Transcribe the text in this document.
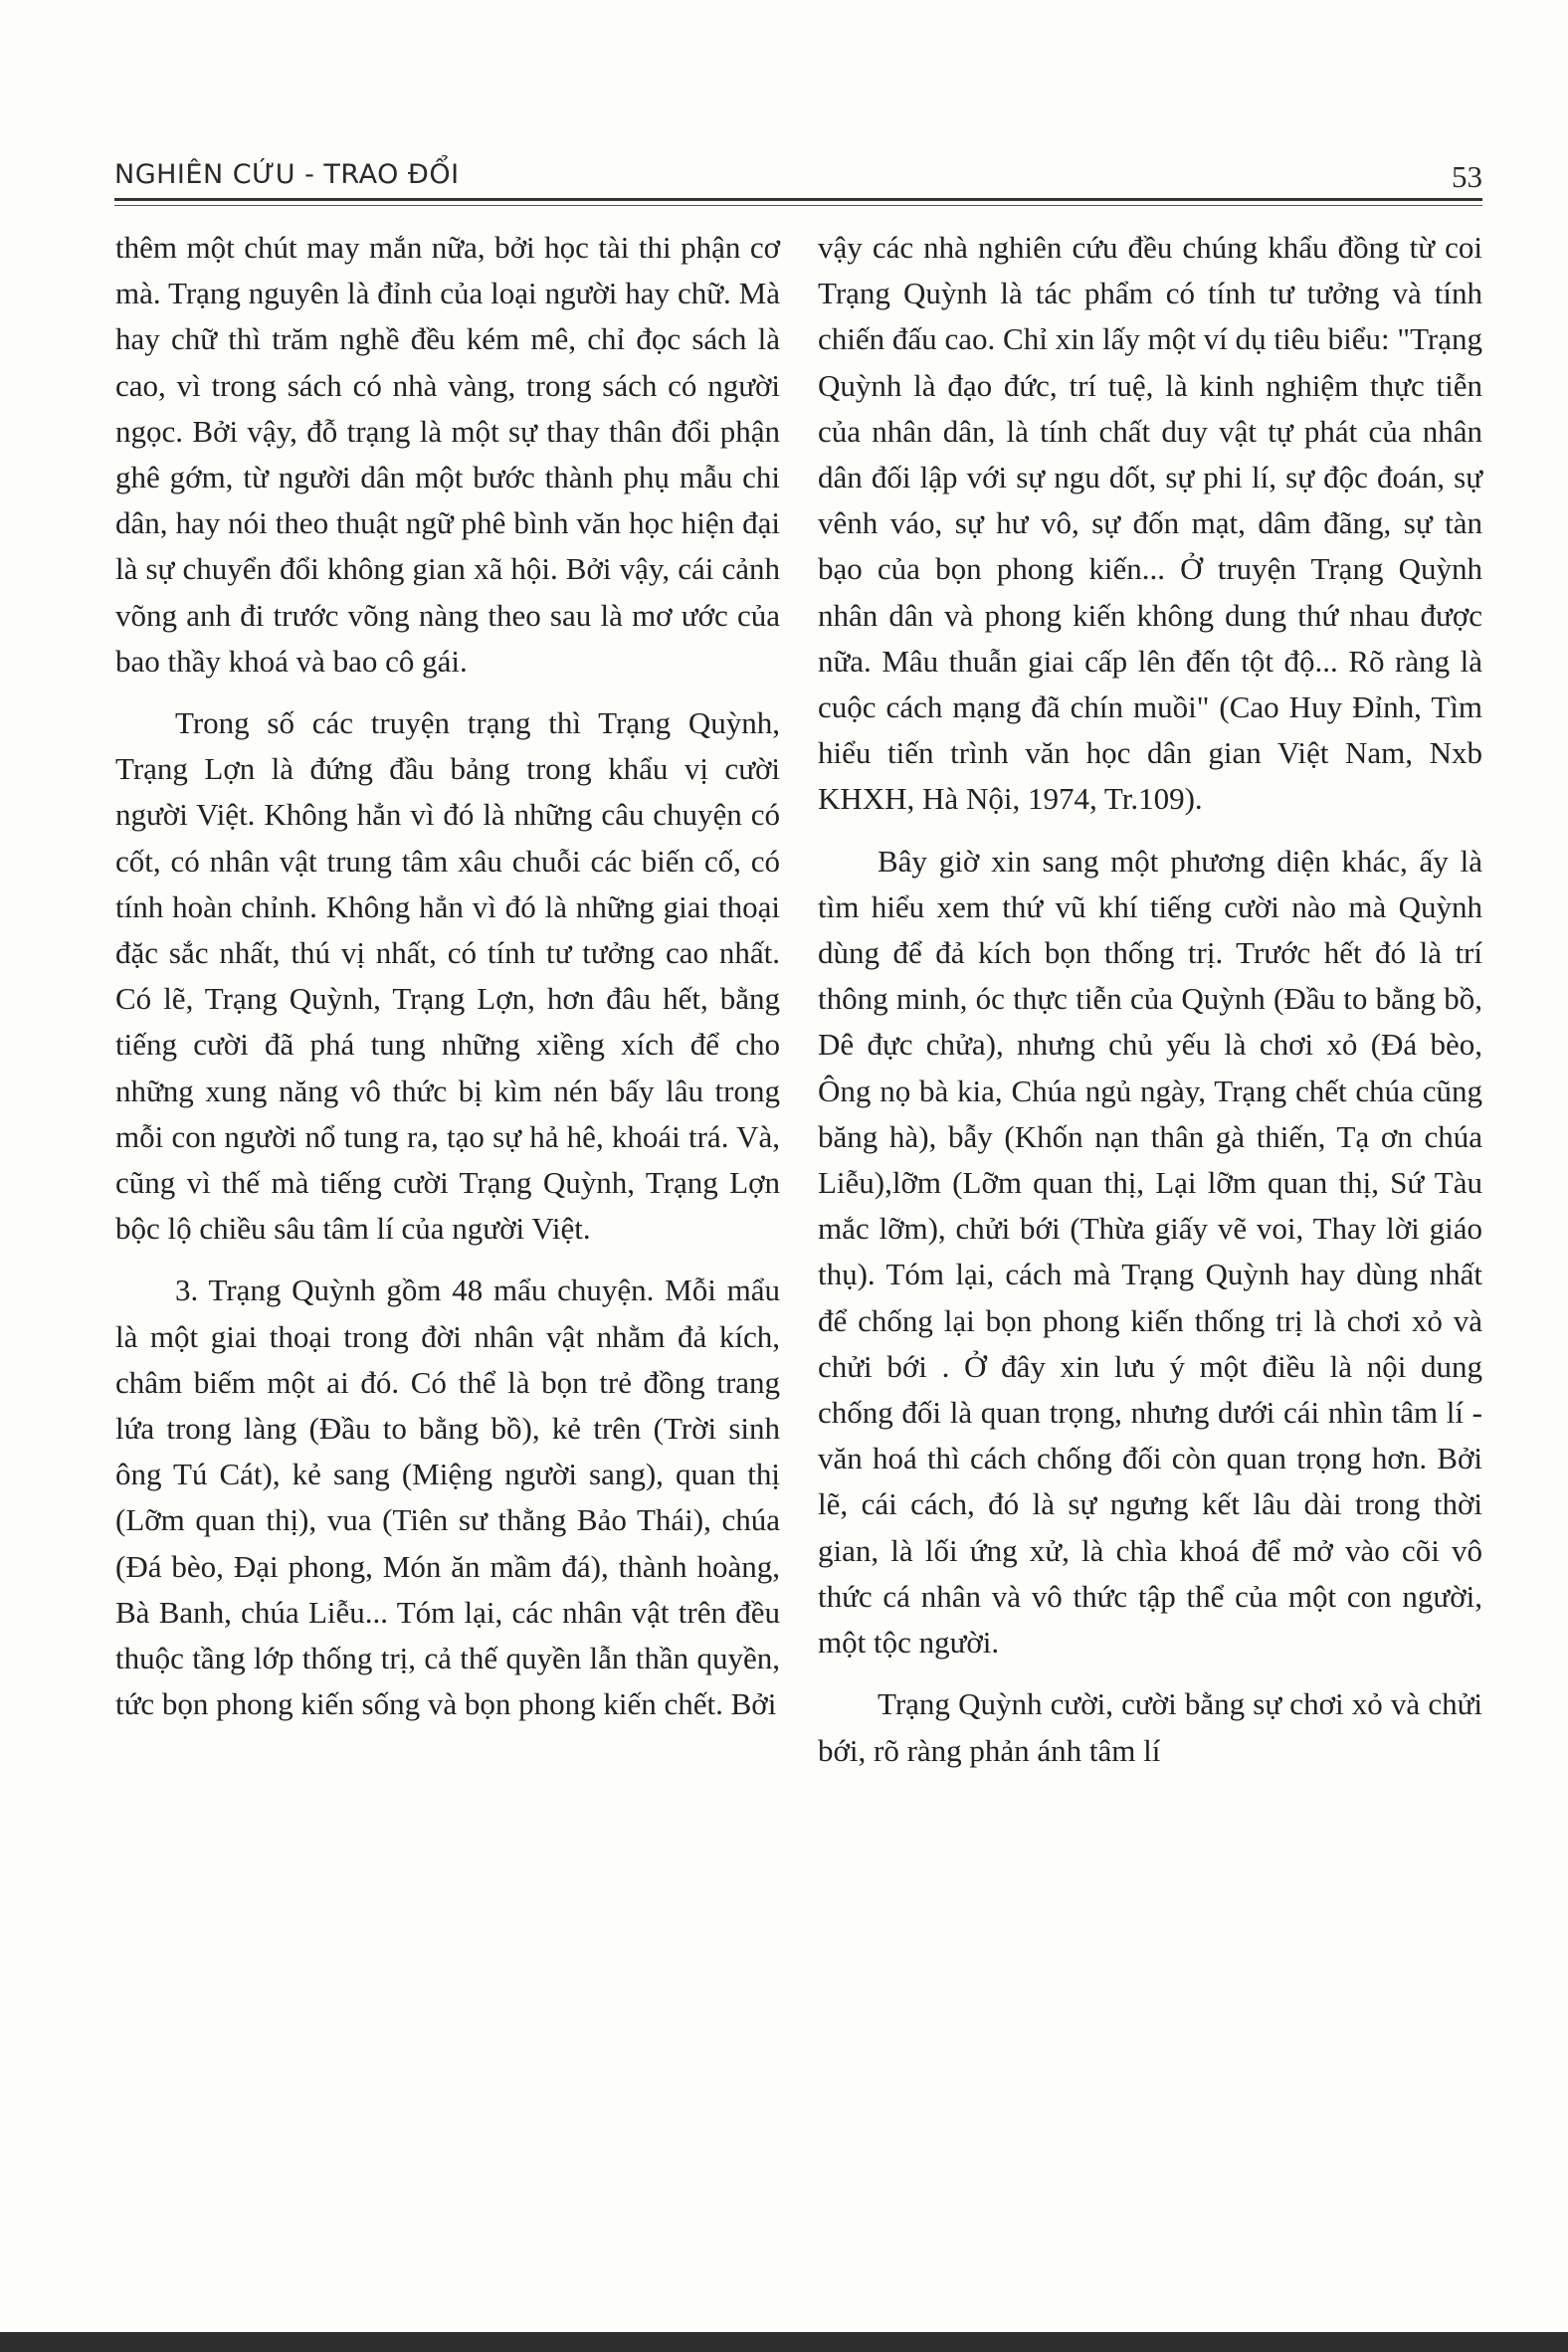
NGHIÊN CỨU - TRAO ĐỔI	53

thêm một chút may mắn nữa, bởi học tài thi phận cơ mà. Trạng nguyên là đỉnh của loại người hay chữ. Mà hay chữ thì trăm nghề đều kém mê, chỉ đọc sách là cao, vì trong sách có nhà vàng, trong sách có người ngọc. Bởi vậy, đỗ trạng là một sự thay thân đổi phận ghê gớm, từ người dân một bước thành phụ mẫu chi dân, hay nói theo thuật ngữ phê bình văn học hiện đại là sự chuyển đổi không gian xã hội. Bởi vậy, cái cảnh võng anh đi trước võng nàng theo sau là mơ ước của bao thầy khoá và bao cô gái.

Trong số các truyện trạng thì Trạng Quỳnh, Trạng Lợn là đứng đầu bảng trong khẩu vị cười người Việt. Không hẳn vì đó là những câu chuyện có cốt, có nhân vật trung tâm xâu chuỗi các biến cố, có tính hoàn chỉnh. Không hẳn vì đó là những giai thoại đặc sắc nhất, thú vị nhất, có tính tư tưởng cao nhất. Có lẽ, Trạng Quỳnh, Trạng Lợn, hơn đâu hết, bằng tiếng cười đã phá tung những xiềng xích để cho những xung năng vô thức bị kìm nén bấy lâu trong mỗi con người nổ tung ra, tạo sự hả hê, khoái trá. Và, cũng vì thế mà tiếng cười Trạng Quỳnh, Trạng Lợn bộc lộ chiều sâu tâm lí của người Việt.

3. Trạng Quỳnh gồm 48 mẩu chuyện. Mỗi mẩu là một giai thoại trong đời nhân vật nhằm đả kích, châm biếm một ai đó. Có thể là bọn trẻ đồng trang lứa trong làng (Đầu to bằng bồ), kẻ trên (Trời sinh ông Tú Cát), kẻ sang (Miệng người sang), quan thị (Lỡm quan thị), vua (Tiên sư thằng Bảo Thái), chúa (Đá bèo, Đại phong, Món ăn mầm đá), thành hoàng, Bà Banh, chúa Liễu... Tóm lại, các nhân vật trên đều thuộc tầng lớp thống trị, cả thế quyền lẫn thần quyền, tức bọn phong kiến sống và bọn phong kiến chết. Bởi

vậy các nhà nghiên cứu đều chúng khẩu đồng từ coi Trạng Quỳnh là tác phẩm có tính tư tưởng và tính chiến đấu cao. Chỉ xin lấy một ví dụ tiêu biểu: "Trạng Quỳnh là đạo đức, trí tuệ, là kinh nghiệm thực tiễn của nhân dân, là tính chất duy vật tự phát của nhân dân đối lập với sự ngu dốt, sự phi lí, sự độc đoán, sự vênh váo, sự hư vô, sự đốn mạt, dâm đãng, sự tàn bạo của bọn phong kiến... Ở truyện Trạng Quỳnh nhân dân và phong kiến không dung thứ nhau được nữa. Mâu thuẫn giai cấp lên đến tột độ... Rõ ràng là cuộc cách mạng đã chín muồi" (Cao Huy Đỉnh, Tìm hiểu tiến trình văn học dân gian Việt Nam, Nxb KHXH, Hà Nội, 1974, Tr.109).

Bây giờ xin sang một phương diện khác, ấy là tìm hiểu xem thứ vũ khí tiếng cười nào mà Quỳnh dùng để đả kích bọn thống trị. Trước hết đó là trí thông minh, óc thực tiễn của Quỳnh (Đầu to bằng bồ, Dê đực chửa), nhưng chủ yếu là chơi xỏ (Đá bèo, Ông nọ bà kia, Chúa ngủ ngày, Trạng chết chúa cũng băng hà), bẫy (Khốn nạn thân gà thiến, Tạ ơn chúa Liễu),lỡm (Lỡm quan thị, Lại lỡm quan thị, Sứ Tàu mắc lỡm), chửi bới (Thừa giấy vẽ voi, Thay lời giáo thụ). Tóm lại, cách mà Trạng Quỳnh hay dùng nhất để chống lại bọn phong kiến thống trị là chơi xỏ và chửi bới . Ở đây xin lưu ý một điều là nội dung chống đối là quan trọng, nhưng dưới cái nhìn tâm lí - văn hoá thì cách chống đối còn quan trọng hơn. Bởi lẽ, cái cách, đó là sự ngưng kết lâu dài trong thời gian, là lối ứng xử, là chìa khoá để mở vào cõi vô thức cá nhân và vô thức tập thể của một con người, một tộc người.

Trạng Quỳnh cười, cười bằng sự chơi xỏ và chửi bới, rõ ràng phản ánh tâm lí
